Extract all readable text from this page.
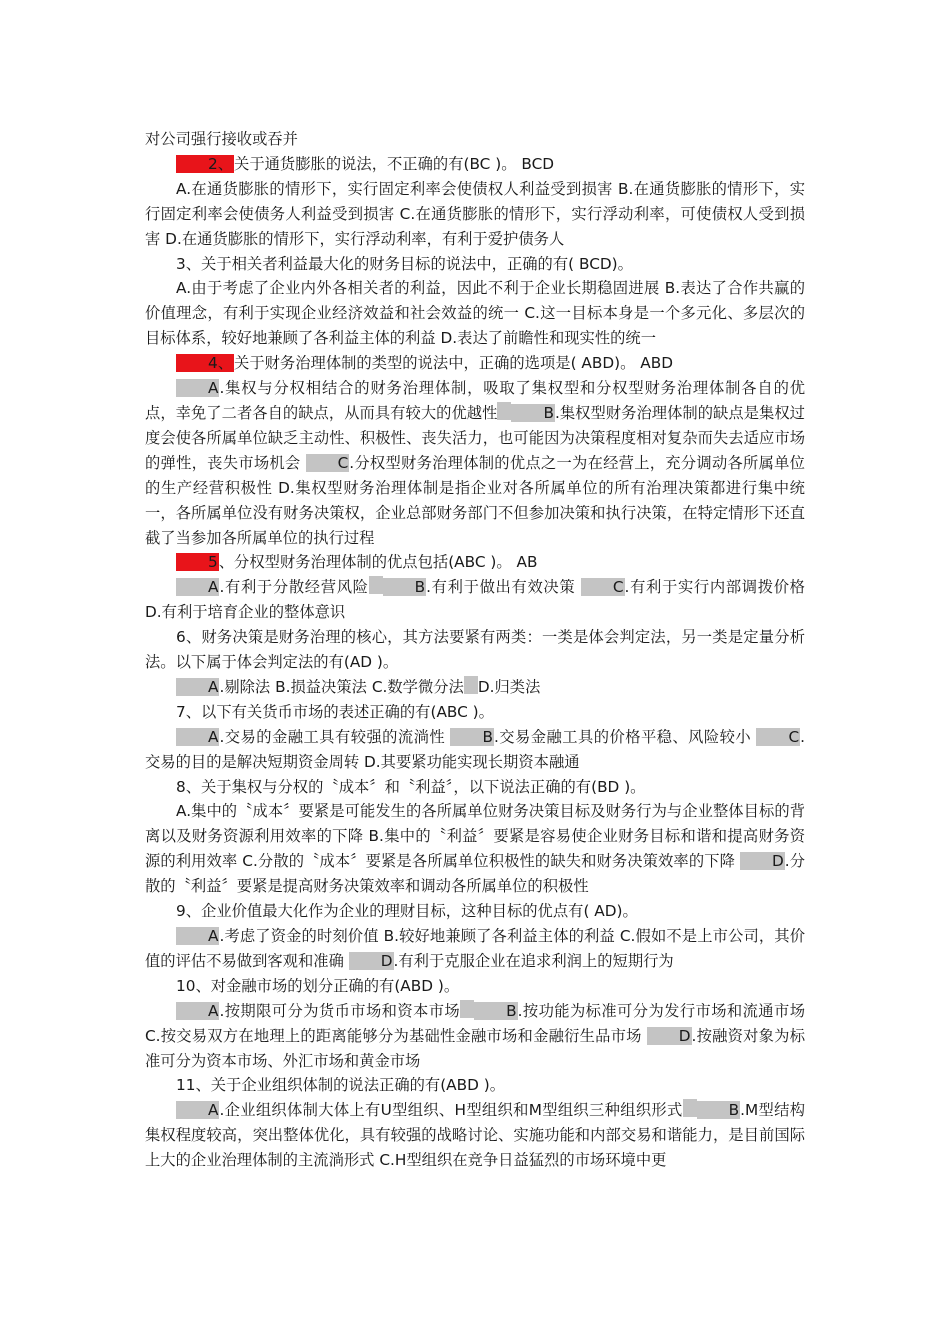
对公司强行接收或吞并

2、关于通货膨胀的说法，不正确的有(BC )。 BCD

A.在通货膨胀的情形下，实行固定利率会使债权人利益受到损害 B.在通货膨胀的情形下，实行固定利率会使债务人利益受到损害 C.在通货膨胀的情形下，实行浮动利率，可使债权人受到损害 D.在通货膨胀的情形下，实行浮动利率，有利于爱护债务人

3、关于相关者利益最大化的财务目标的说法中，正确的有( BCD)。

A.由于考虑了企业内外各相关者的利益，因此不利于企业长期稳固进展 B.表达了合作共赢的价值理念，有利于实现企业经济效益和社会效益的统一 C.这一目标本身是一个多元化、多层次的目标体系，较好地兼顾了各利益主体的利益 D.表达了前瞻性和现实性的统一

4、关于财务治理体制的类型的说法中，正确的选项是( ABD)。 ABD

A.集权与分权相结合的财务治理体制，吸取了集权型和分权型财务治理体制各自的优点，幸免了二者各自的缺点，从而具有较大的优越性	B.集权型财务治理体制的缺点是集权过度会使各所属单位缺乏主动性、积极性、丧失活力，也可能因为决策程度相对复杂而失去适应市场的弹性，丧失市场机会 C.分权型财务治理体制的优点之一为在经营上，充分调动各所属单位的生产经营积极性 D.集权型财务治理体制是指企业对各所属单位的所有治理决策都进行集中统一，各所属单位没有财务决策权，企业总部财务部门不但参加决策和执行决策，在特定情形下还直截了当参加各所属单位的执行过程

5、分权型财务治理体制的优点包括(ABC )。 AB

A.有利于分散经营风险	B.有利于做出有效决策 C.有利于实行内部调拨价格 D.有利于培育企业的整体意识

6、财务决策是财务治理的核心，其方法要紧有两类：一类是体会判定法，另一类是定量分析法。以下属于体会判定法的有(AD )。

A.剔除法 B.损益决策法 C.数学微分法 D.归类法

7、以下有关货币市场的表述正确的有(ABC )。

A.交易的金融工具有较强的流淌性 B.交易金融工具的价格平稳、风险较小 C.交易的目的是解决短期资金周转 D.其要紧功能实现长期资本融通

8、关于集权与分权的〝成本〞和〝利益〞，以下说法正确的有(BD )。

A.集中的〝成本〞要紧是可能发生的各所属单位财务决策目标及财务行为与企业整体目标的背离以及财务资源利用效率的下降 B.集中的〝利益〞要紧是容易使企业财务目标和谐和提高财务资源的利用效率 C.分散的〝成本〞要紧是各所属单位积极性的缺失和财务决策效率的下降 D.分散的〝利益〞要紧是提高财务决策效率和调动各所属单位的积极性

9、企业价值最大化作为企业的理财目标，这种目标的优点有( AD)。

A.考虑了资金的时刻价值 B.较好地兼顾了各利益主体的利益 C.假如不是上市公司，其价值的评估不易做到客观和准确 D.有利于克服企业在追求利润上的短期行为

10、对金融市场的划分正确的有(ABD )。

A.按期限可分为货币市场和资本市场	B.按功能为标准可分为发行市场和流通市场 C.按交易双方在地理上的距离能够分为基础性金融市场和金融衍生品市场 D.按融资对象为标准可分为资本市场、外汇市场和黄金市场

11、关于企业组织体制的说法正确的有(ABD )。

A.企业组织体制大体上有U型组织、H型组织和M型组织三种组织形式	B.M型结构集权程度较高，突出整体优化，具有较强的战略讨论、实施功能和内部交易和谐能力，是目前国际上大的企业治理体制的主流淌形式 C.H型组织在竞争日益猛烈的市场环境中更
